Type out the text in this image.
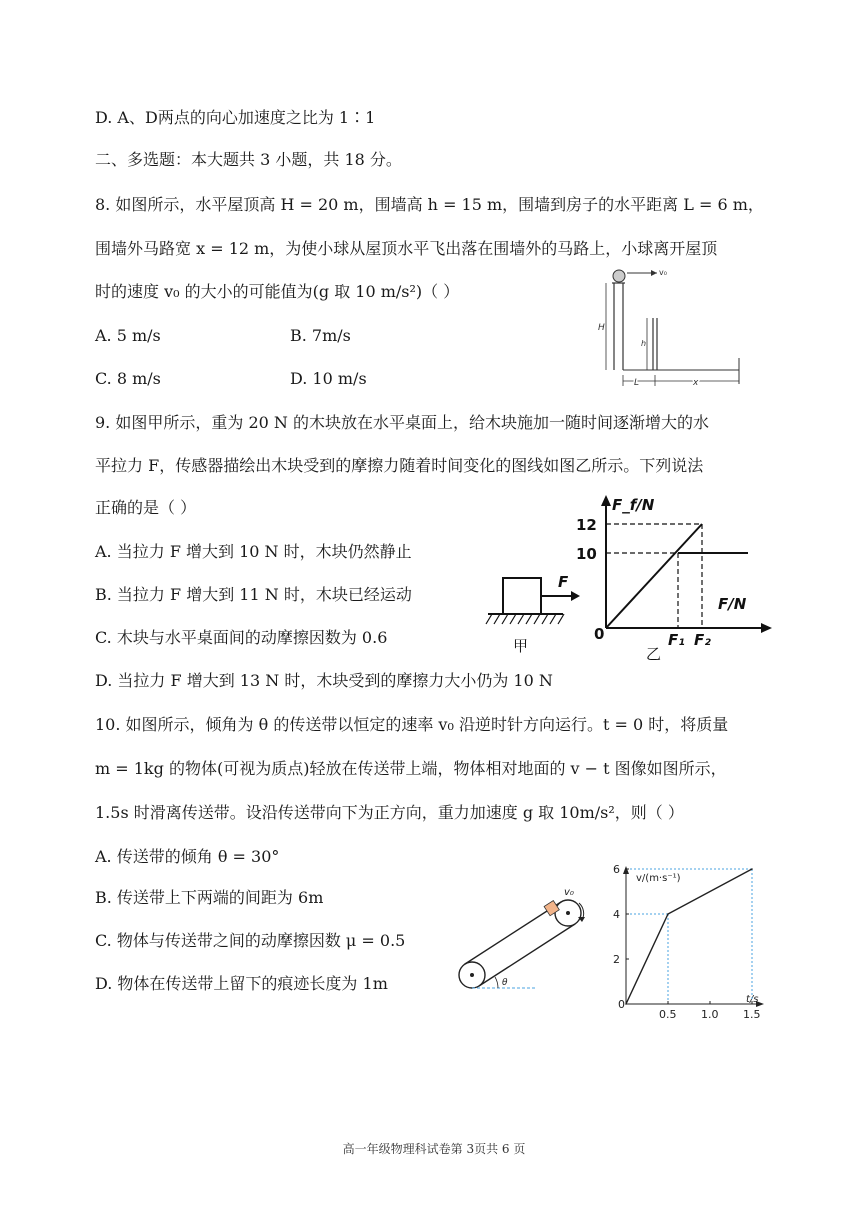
D. A、D两点的向心加速度之比为 1∶1
二、多选题：本大题共 3 小题，共 18 分。
8. 如图所示，水平屋顶高 H = 20 m，围墙高 h = 15 m，围墙到房子的水平距离 L = 6 m，
围墙外马路宽 x = 12 m，为使小球从屋顶水平飞出落在围墙外的马路上，小球离开屋顶
时的速度 v₀ 的大小的可能值为(g 取 10 m/s²)（ ）
A. 5 m/s	B. 7m/s
C. 8 m/s	D. 10 m/s
9. 如图甲所示，重为 20 N 的木块放在水平桌面上，给木块施加一随时间逐渐增大的水
平拉力 F，传感器描绘出木块受到的摩擦力随着时间变化的图线如图乙所示。下列说法
正确的是（ ）
A. 当拉力 F 增大到 10 N 时，木块仍然静止
B. 当拉力 F 增大到 11 N 时，木块已经运动
C. 木块与水平桌面间的动摩擦因数为 0.6
D. 当拉力 F 增大到 13 N 时，木块受到的摩擦力大小仍为 10 N
10. 如图所示，倾角为 θ 的传送带以恒定的速率 v₀ 沿逆时针方向运行。t = 0 时，将质量
m = 1kg 的物体(可视为质点)轻放在传送带上端，物体相对地面的 v − t 图像如图所示，
1.5s 时滑离传送带。设沿传送带向下为正方向，重力加速度 g 取 10m/s²，则（ ）
A. 传送带的倾角 θ = 30°
B. 传送带上下两端的间距为 6m
C. 物体与传送带之间的动摩擦因数 μ = 0.5
D. 物体在传送带上留下的痕迹长度为 1m
v₀
H
h
L	x
F
甲
F_f/N
F/N
12
10
0	F₁ F₂
乙
v₀
θ
v/(m·s⁻¹)
t/s
0
2
4
6
0.5 1.0 1.5
高一年级物理科试卷第 3页共 6 页
